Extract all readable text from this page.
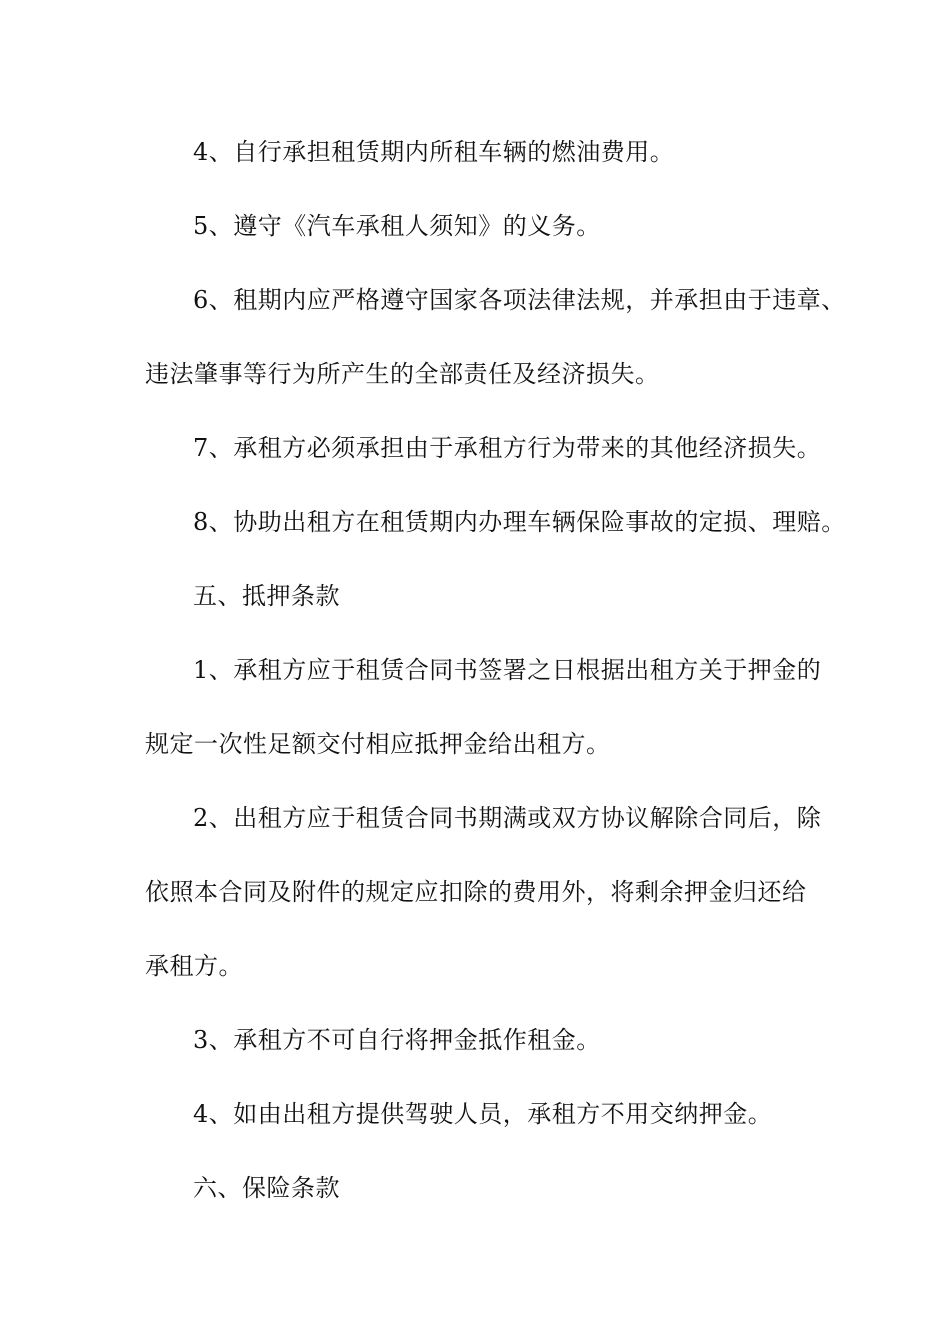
4、自行承担租赁期内所租车辆的燃油费用。
5、遵守《汽车承租人须知》的义务。
6、租期内应严格遵守国家各项法律法规，并承担由于违章、
违法肇事等行为所产生的全部责任及经济损失。
7、承租方必须承担由于承租方行为带来的其他经济损失。
8、协助出租方在租赁期内办理车辆保险事故的定损、理赔。
五、抵押条款
1、承租方应于租赁合同书签署之日根据出租方关于押金的
规定一次性足额交付相应抵押金给出租方。
2、出租方应于租赁合同书期满或双方协议解除合同后，除
依照本合同及附件的规定应扣除的费用外，将剩余押金归还给
承租方。
3、承租方不可自行将押金抵作租金。
4、如由出租方提供驾驶人员，承租方不用交纳押金。
六、保险条款
